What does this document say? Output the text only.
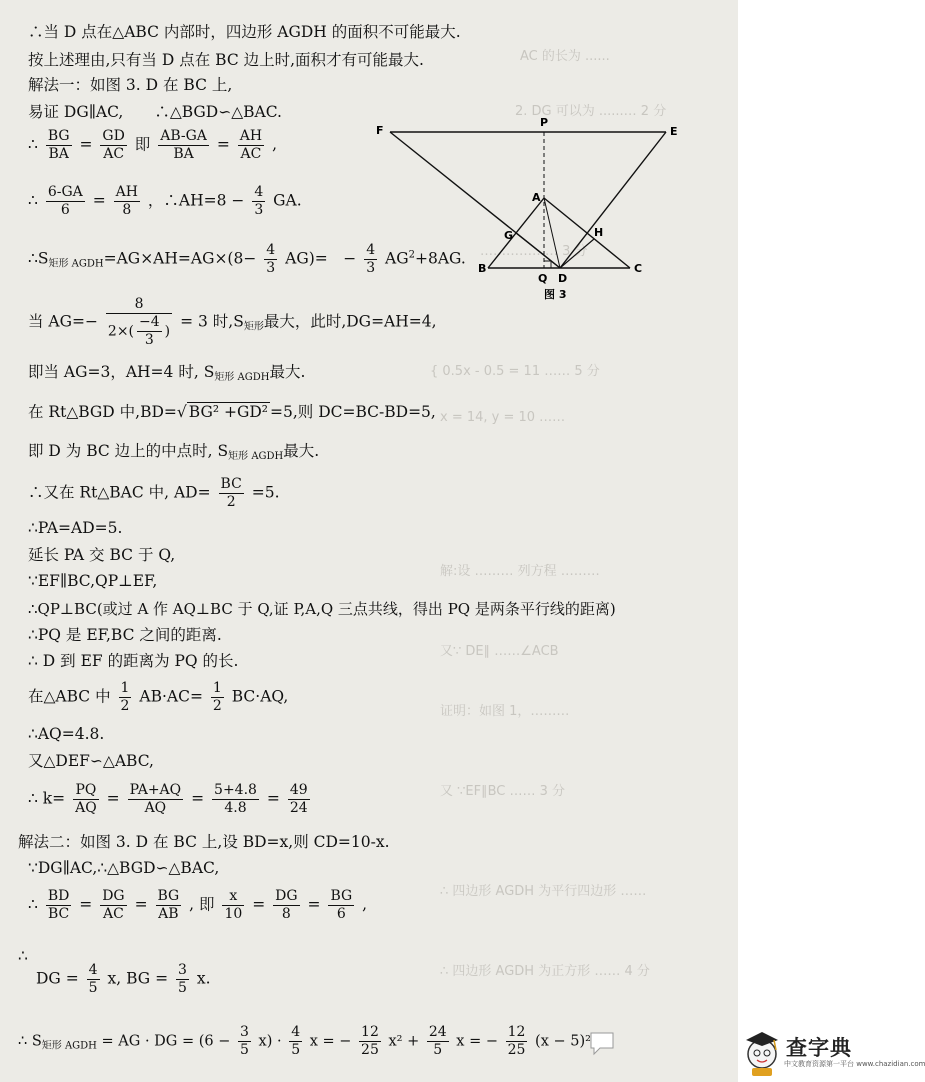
AC 的长为 ......
2. DG 可以为 ......… 2 分
……………… 3 分
{ 0.5x - 0.5 = 11 …… 5 分
x = 14, y = 10 ……
解:设 ……… 列方程 ………
又∵ DE∥ ……∠ACB
证明：如图 1，………
又 ∵EF∥BC …… 3 分
∴ 四边形 AGDH 为平行四边形 ……
∴ 四边形 AGDH 为正方形 …… 4 分
∴当 D 点在△ABC 内部时，四边形 AGDH 的面积不可能最大.
按上述理由,只有当 D 点在 BC 边上时,面积才有可能最大.
解法一：如图 3. D 在 BC 上,
易证 DG∥AC,　　∴△BGD∽△BAC.
∴ $\frac{BG}{BA} = \frac{GD}{AC}$ 即 $\frac{AB-GA}{BA} = \frac{AH}{AC}$ ,
∴ $\frac{6-GA}{6} = \frac{AH}{8}$ ，∴AH=8 − $\frac{4}{3}$ GA.
$\therefore S_{矩形 AGDH}=AG\times AH=AG\times(8- \frac{4}{3} AG)=$　− $\frac{4}{3} AG^2+8AG$.
当 $AG=- \frac{8}{2\times( \frac{-4}{3} )} = 3$ 时$,S_{矩形}$最大，此时,DG=AH=4,
即当 AG=3，AH=4 时, $S_{矩形 AGDH}$最大.
在 Rt△BGD 中,BD=√ BG² +GD² =5,则 DC=BC-BD=5,
即 D 为 BC 边上的中点时, $S_{矩形 AGDH}$最大.
∴又在 Rt△BAC 中, $AD= \frac{BC}{2} =5$.
∴PA=AD=5.
延长 PA 交 BC 于 Q,
∵EF∥BC,QP⊥EF,
∴QP⊥BC(或过 A 作 AQ⊥BC 于 Q,证 P,A,Q 三点共线，得出 PQ 是两条平行线的距离)
∴PQ 是 EF,BC 之间的距离.
∴ D 到 EF 的距离为 PQ 的长.
在△ABC 中 $\frac{1}{2} AB\cdot AC= \frac{1}{2} BC\cdot AQ$,
∴AQ=4.8.
又△DEF∽△ABC,
∴ $k= \frac{PQ}{AQ} = \frac{PA+AQ}{AQ} = \frac{5+4.8}{4.8} = \frac{49}{24}$
解法二：如图 3. D 在 BC 上,设 BD=x,则 CD=10-x.
∵DG∥AC,∴△BGD∽△BAC,
∴ $\frac{BD}{BC} = \frac{DG}{AC} = \frac{BG}{AB}$ , 即 $\frac{x}{10} = \frac{DG}{8} = \frac{BG}{6}$ ,
∴
DG = $\frac{4}{5} x$, BG = $\frac{3}{5} x$.
∴ $S_{矩形 AGDH}$ = AG · DG = $(6 - \frac{3}{5} x) \cdot \frac{4}{5}$ x = − $\frac{12}{25} x^2 + \frac{24}{5}$ x = − $\frac{12}{25} (x - 5)^2$
F
P
E
A
G	H
B
Q D
C
图 3
查字典
中文教育资源第一平台 www.chazidian.com
